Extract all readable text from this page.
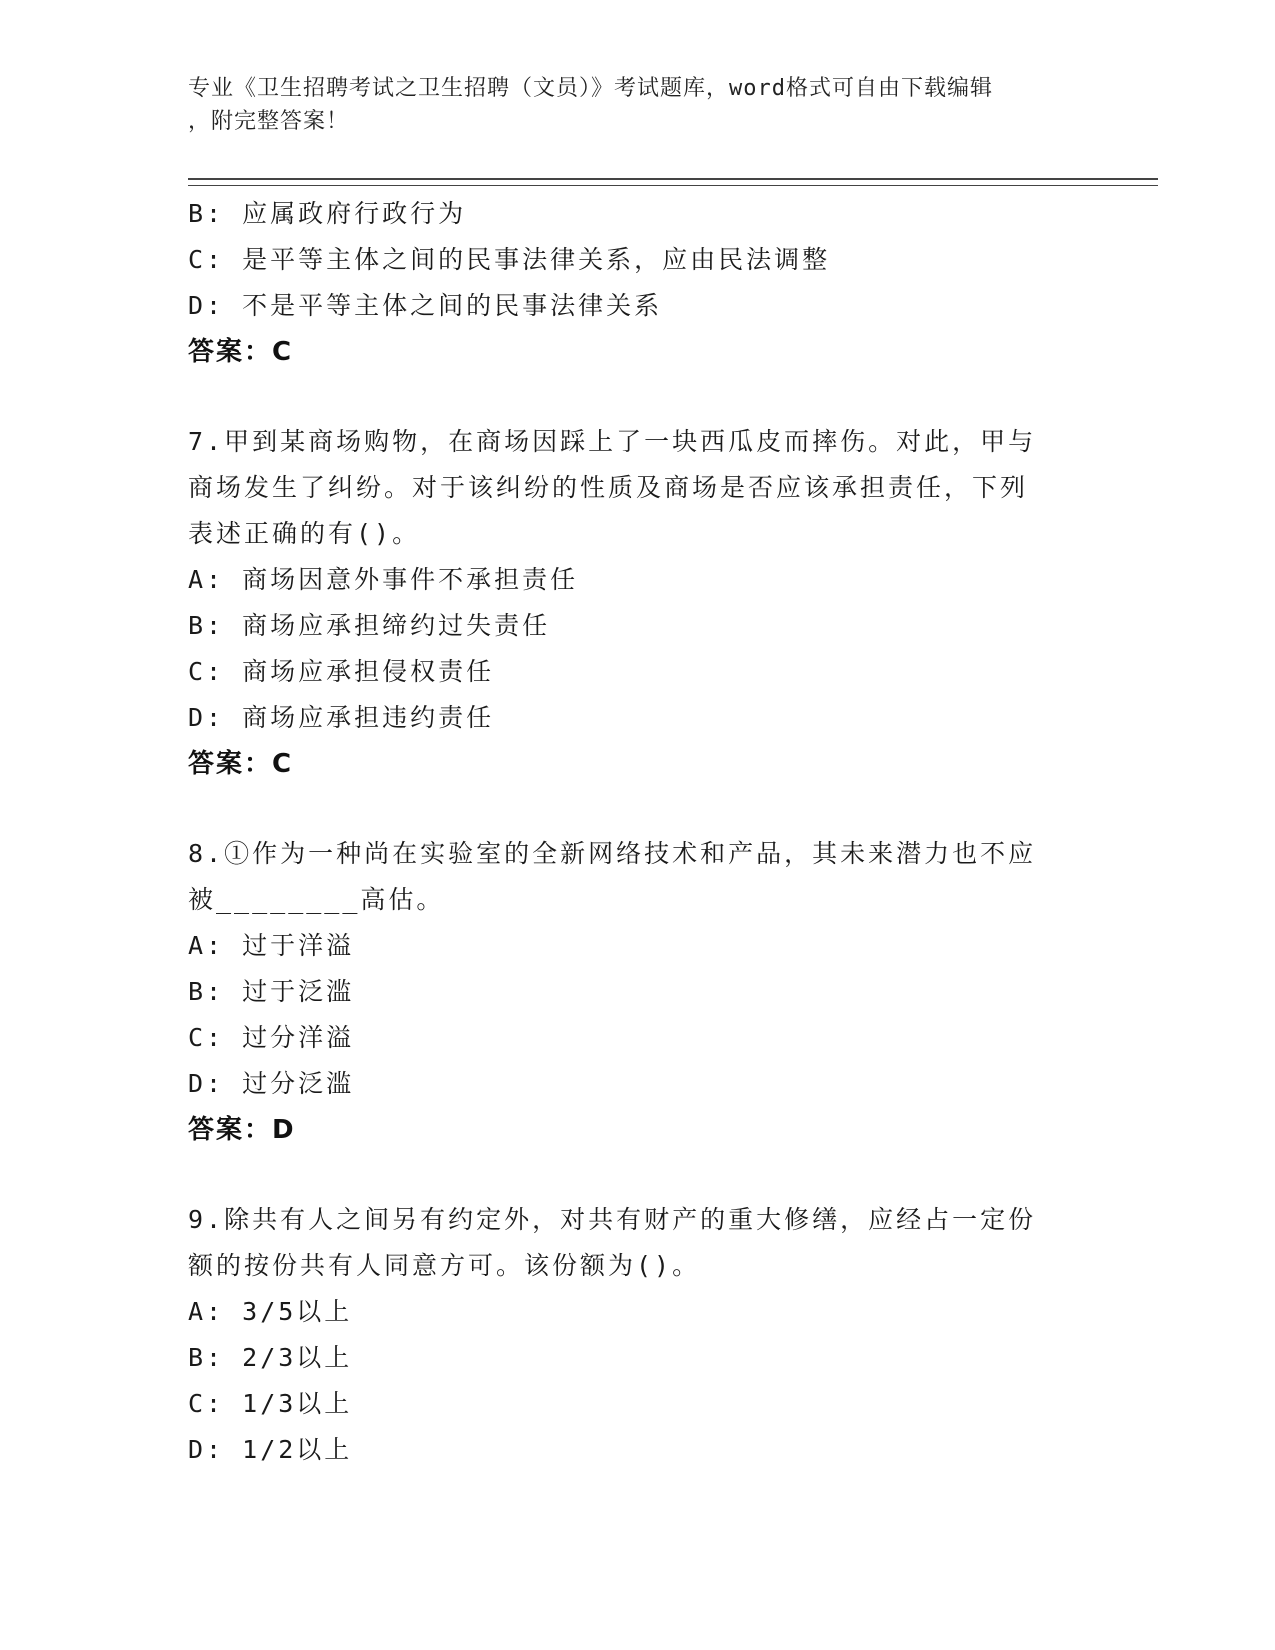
专业《卫生招聘考试之卫生招聘（文员）》考试题库，word格式可自由下载编辑
，附完整答案！
B: 应属政府行政行为
C: 是平等主体之间的民事法律关系，应由民法调整
D: 不是平等主体之间的民事法律关系
答案：C
7.甲到某商场购物，在商场因踩上了一块西瓜皮而摔伤。对此，甲与
商场发生了纠纷。对于该纠纷的性质及商场是否应该承担责任，下列
表述正确的有()。
A: 商场因意外事件不承担责任
B: 商场应承担缔约过失责任
C: 商场应承担侵权责任
D: 商场应承担违约责任
答案：C
8.①作为一种尚在实验室的全新网络技术和产品，其未来潜力也不应
被________高估。
A: 过于洋溢
B: 过于泛滥
C: 过分洋溢
D: 过分泛滥
答案：D
9.除共有人之间另有约定外，对共有财产的重大修缮，应经占一定份
额的按份共有人同意方可。该份额为()。
A: 3/5以上
B: 2/3以上
C: 1/3以上
D: 1/2以上
